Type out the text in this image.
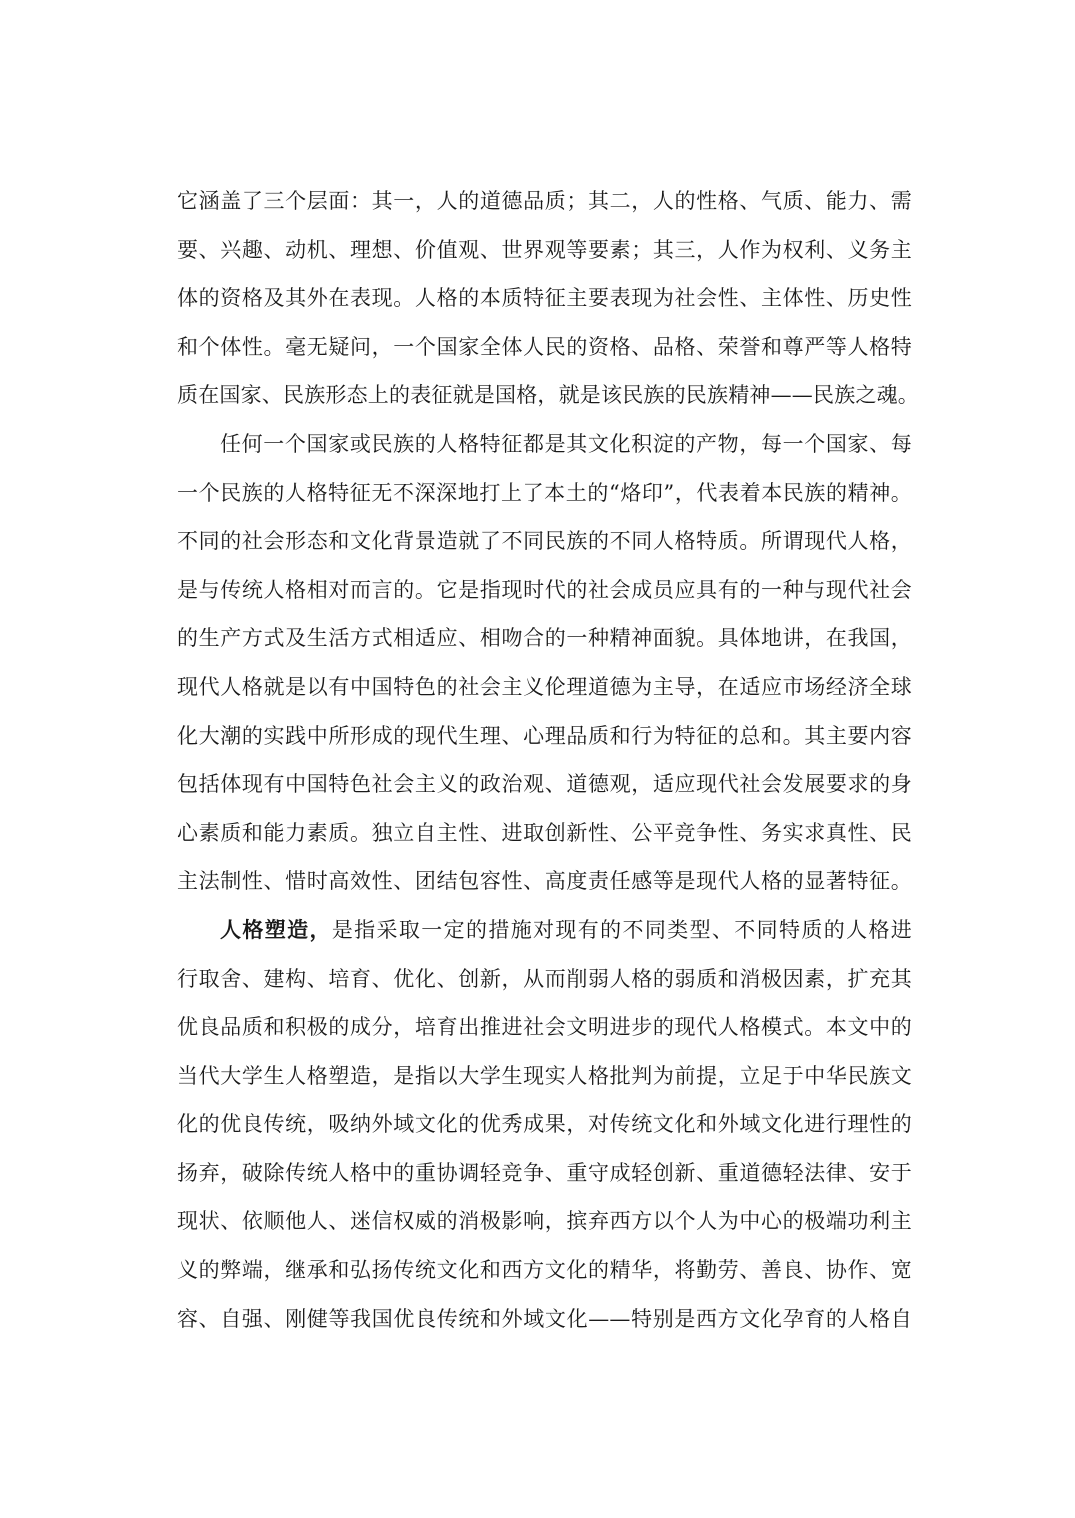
它涵盖了三个层面：其一，人的道德品质；其二，人的性格、气质、能力、需
要、兴趣、动机、理想、价值观、世界观等要素；其三，人作为权利、义务主
体的资格及其外在表现。人格的本质特征主要表现为社会性、主体性、历史性
和个体性。毫无疑问，一个国家全体人民的资格、品格、荣誉和尊严等人格特
质在国家、民族形态上的表征就是国格，就是该民族的民族精神——民族之魂。
任何一个国家或民族的人格特征都是其文化积淀的产物，每一个国家、每
一个民族的人格特征无不深深地打上了本土的“烙印”，代表着本民族的精神。
不同的社会形态和文化背景造就了不同民族的不同人格特质。所谓现代人格，
是与传统人格相对而言的。它是指现时代的社会成员应具有的一种与现代社会
的生产方式及生活方式相适应、相吻合的一种精神面貌。具体地讲，在我国，
现代人格就是以有中国特色的社会主义伦理道德为主导，在适应市场经济全球
化大潮的实践中所形成的现代生理、心理品质和行为特征的总和。其主要内容
包括体现有中国特色社会主义的政治观、道德观，适应现代社会发展要求的身
心素质和能力素质。独立自主性、进取创新性、公平竞争性、务实求真性、民
主法制性、惜时高效性、团结包容性、高度责任感等是现代人格的显著特征。
人格塑造，是指采取一定的措施对现有的不同类型、不同特质的人格进
行取舍、建构、培育、优化、创新，从而削弱人格的弱质和消极因素，扩充其
优良品质和积极的成分，培育出推进社会文明进步的现代人格模式。本文中的
当代大学生人格塑造，是指以大学生现实人格批判为前提，立足于中华民族文
化的优良传统，吸纳外域文化的优秀成果，对传统文化和外域文化进行理性的
扬弃，破除传统人格中的重协调轻竞争、重守成轻创新、重道德轻法律、安于
现状、依顺他人、迷信权威的消极影响，摈弃西方以个人为中心的极端功利主
义的弊端，继承和弘扬传统文化和西方文化的精华，将勤劳、善良、协作、宽
容、自强、刚健等我国优良传统和外域文化——特别是西方文化孕育的人格自
